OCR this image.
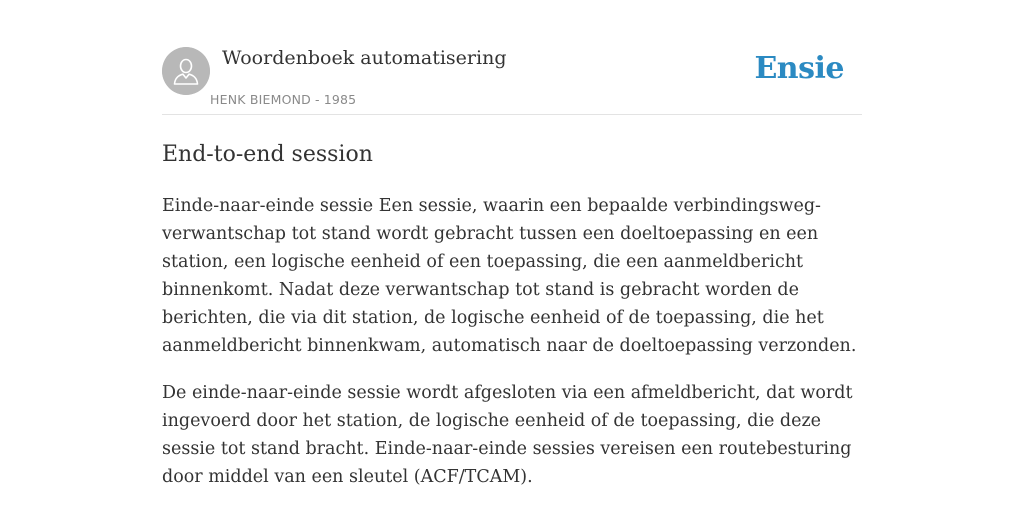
Woordenboek automatisering
HENK BIEMOND - 1985
Ensie
End-to-end session

Einde-naar-einde sessie Een sessie, waarin een bepaalde verbindingsweg-verwantschap tot stand wordt gebracht tussen een doeltoepassing en een station, een logische eenheid of een toepassing, die een aanmeldbericht binnenkomt. Nadat deze verwantschap tot stand is gebracht worden de berichten, die via dit station, de logische eenheid of de toepassing, die het aanmeldbericht binnenkwam, automatisch naar de doeltoepassing verzonden.

De einde-naar-einde sessie wordt afgesloten via een afmeldbericht, dat wordt ingevoerd door het station, de logische eenheid of de toepassing, die deze sessie tot stand bracht. Einde-naar-einde sessies vereisen een routebesturing door middel van een sleutel (ACF/TCAM).
